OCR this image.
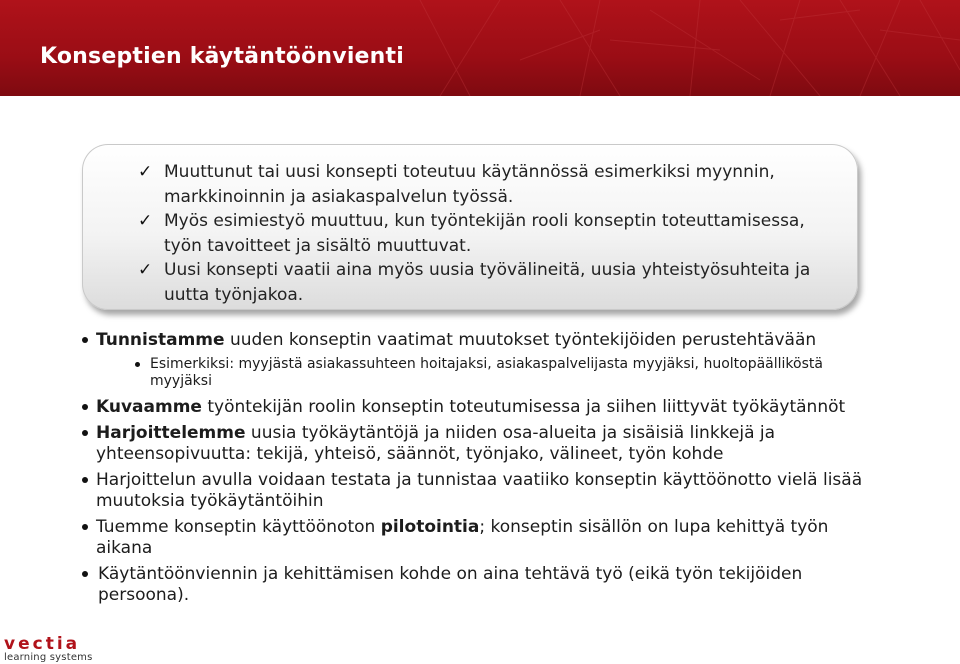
Konseptien käytäntöönvienti
✓ Muuttunut tai uusi konsepti toteutuu käytännössä esimerkiksi myynnin,
markkinoinnin ja asiakaspalvelun työssä.
✓ Myös esimiestyö muuttuu, kun työntekijän rooli konseptin toteuttamisessa,
työn tavoitteet ja sisältö muuttuvat.
✓ Uusi konsepti vaatii aina myös uusia työvälineitä, uusia yhteistyösuhteita ja
uutta työnjakoa.
Tunnistamme uuden konseptin vaatimat muutokset työntekijöiden perustehtävään
Esimerkiksi: myyjästä asiakassuhteen hoitajaksi, asiakaspalvelijasta myyjäksi, huoltopäälliköstä
myyjäksi
Kuvaamme työntekijän roolin konseptin toteutumisessa ja siihen liittyvät työkäytännöt
Harjoittelemme uusia työkäytäntöjä ja niiden osa-alueita ja sisäisiä linkkejä ja
yhteensopivuutta: tekijä, yhteisö, säännöt, työnjako, välineet, työn kohde
Harjoittelun avulla voidaan testata ja tunnistaa vaatiiko konseptin käyttöönotto vielä lisää
muutoksia työkäytäntöihin
Tuemme konseptin käyttöönoton pilotointia; konseptin sisällön on lupa kehittyä työn
aikana
Käytäntöönviennin ja kehittämisen kohde on aina tehtävä työ (eikä työn tekijöiden
persoona).
vectia
learning systems
